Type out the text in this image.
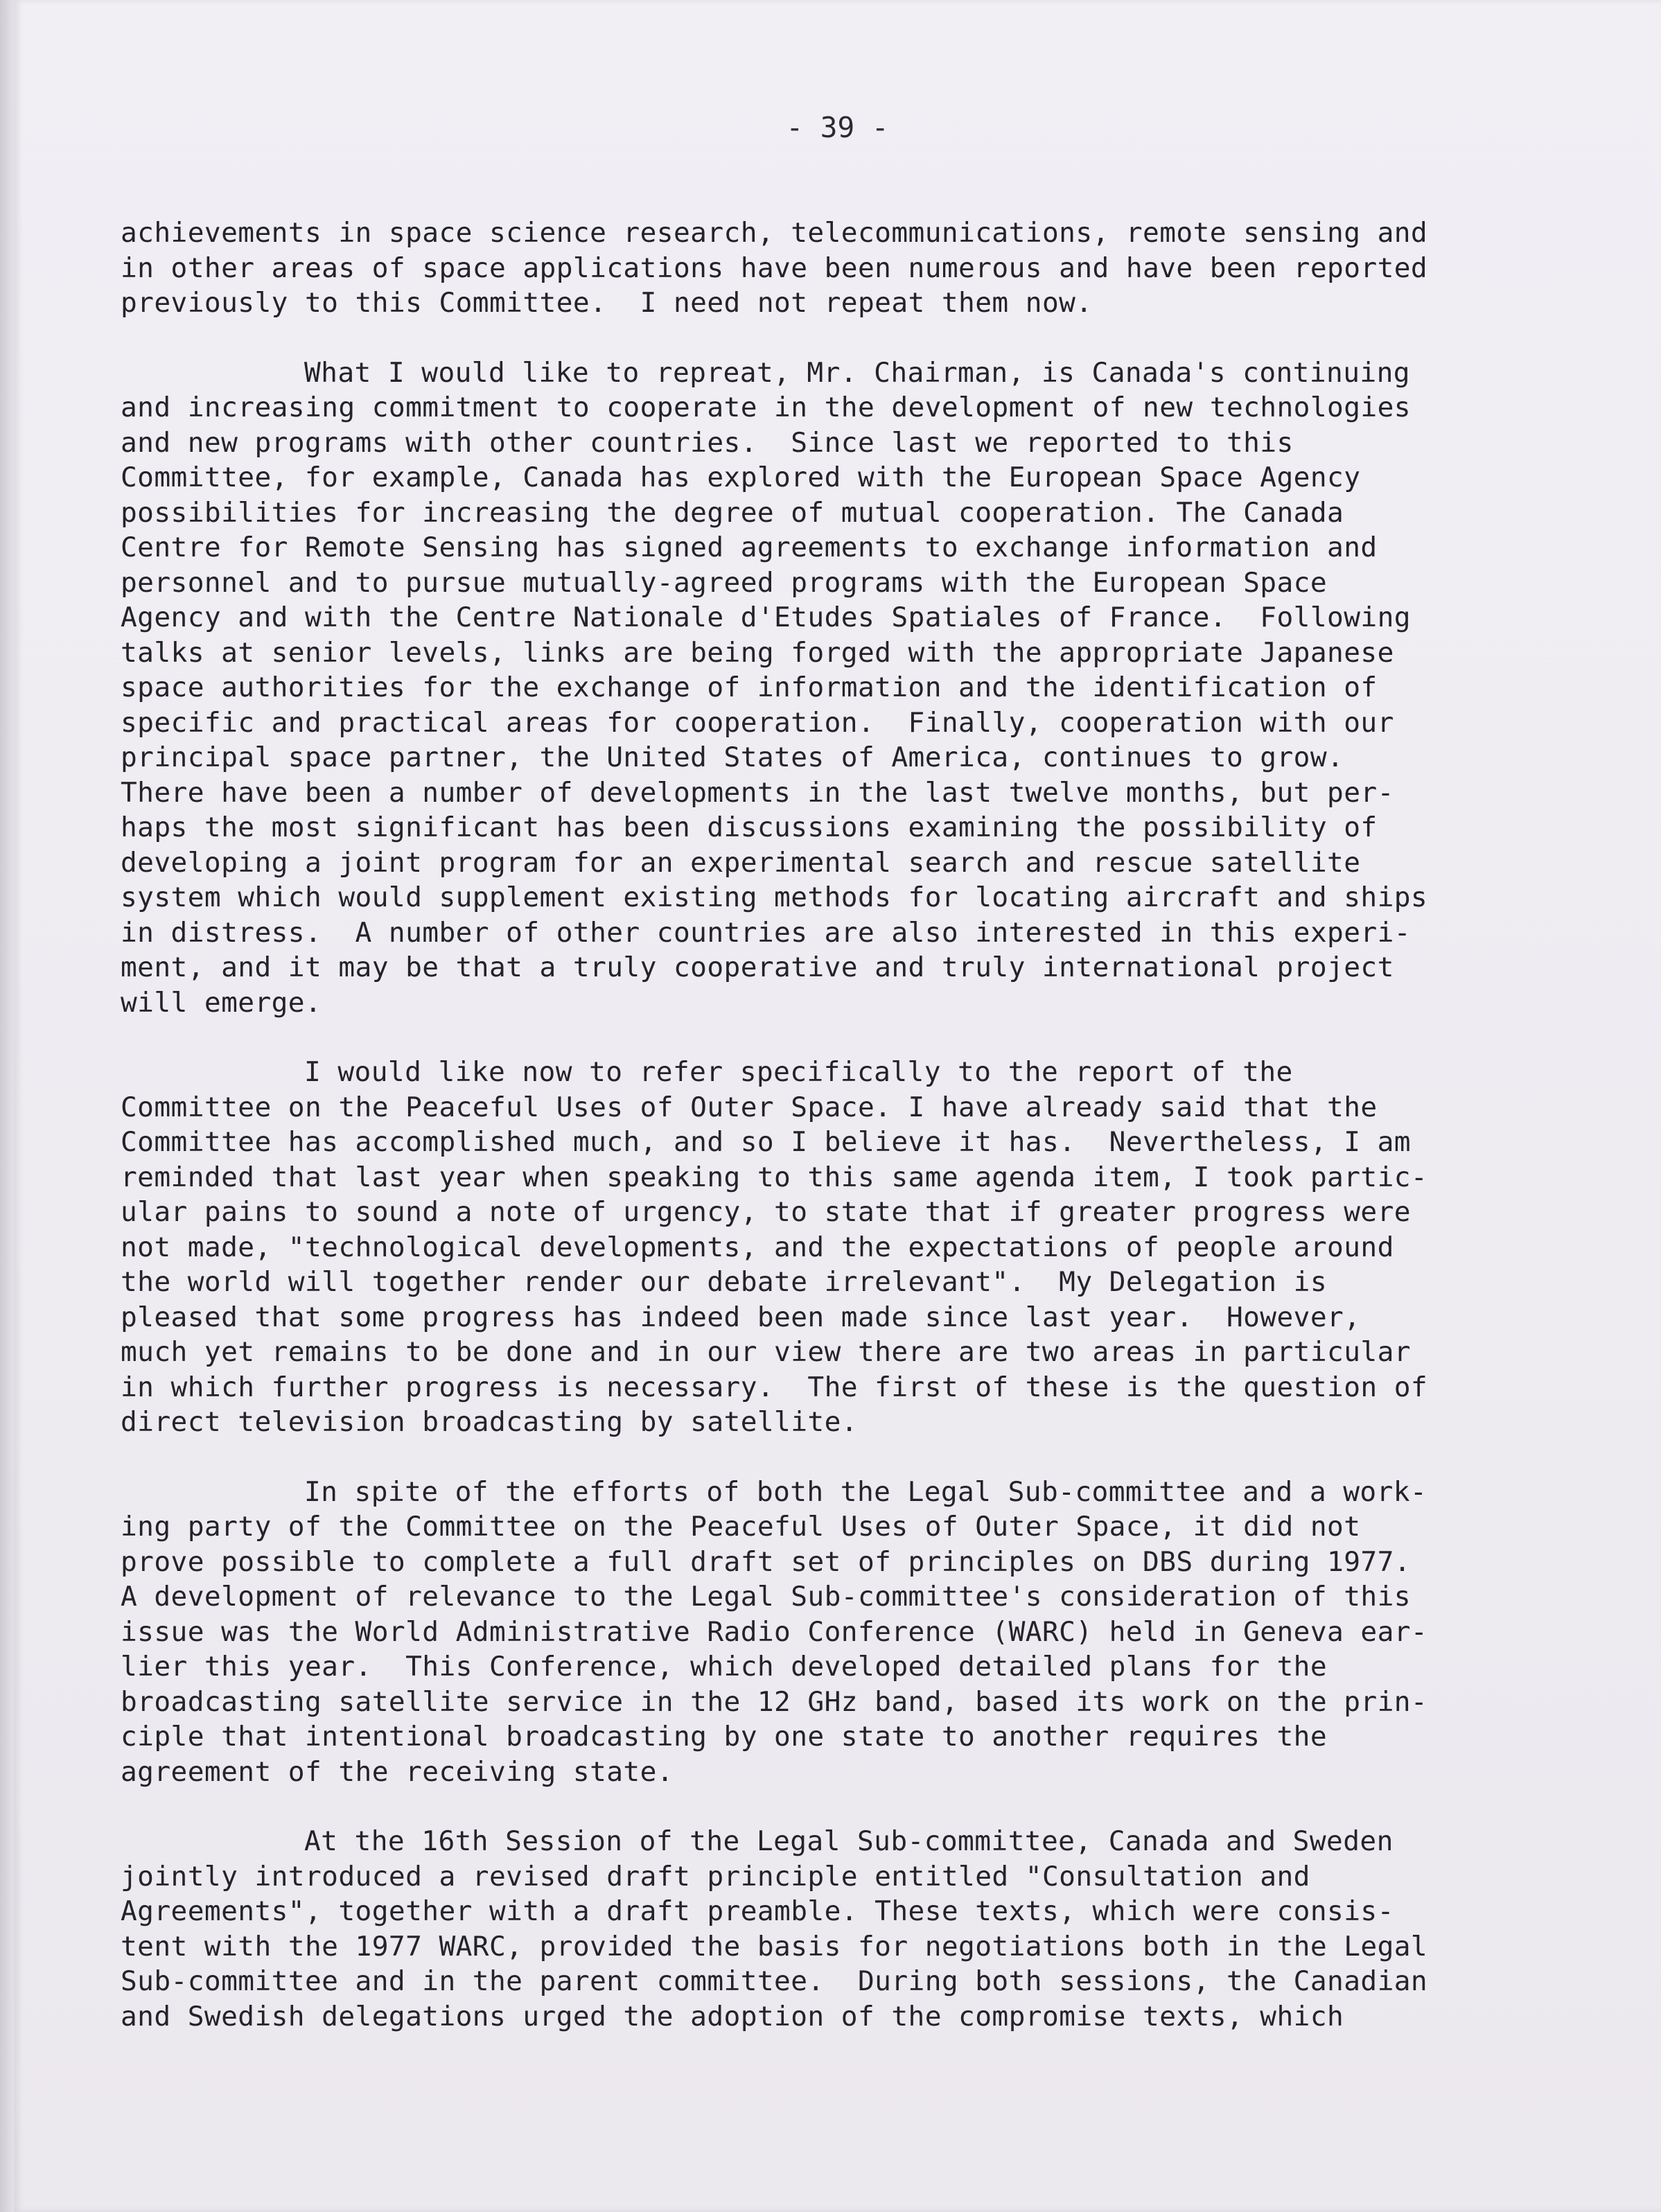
- 39 -
achievements in space science research, telecommunications, remote sensing and
in other areas of space applications have been numerous and have been reported
previously to this Committee.  I need not repeat them now.
What I would like to repreat, Mr. Chairman, is Canada's continuing
and increasing commitment to cooperate in the development of new technologies
and new programs with other countries.  Since last we reported to this
Committee, for example, Canada has explored with the European Space Agency
possibilities for increasing the degree of mutual cooperation. The Canada
Centre for Remote Sensing has signed agreements to exchange information and
personnel and to pursue mutually-agreed programs with the European Space
Agency and with the Centre Nationale d'Etudes Spatiales of France.  Following
talks at senior levels, links are being forged with the appropriate Japanese
space authorities for the exchange of information and the identification of
specific and practical areas for cooperation.  Finally, cooperation with our
principal space partner, the United States of America, continues to grow.
There have been a number of developments in the last twelve months, but per-
haps the most significant has been discussions examining the possibility of
developing a joint program for an experimental search and rescue satellite
system which would supplement existing methods for locating aircraft and ships
in distress.  A number of other countries are also interested in this experi-
ment, and it may be that a truly cooperative and truly international project
will emerge.
I would like now to refer specifically to the report of the
Committee on the Peaceful Uses of Outer Space. I have already said that the
Committee has accomplished much, and so I believe it has.  Nevertheless, I am
reminded that last year when speaking to this same agenda item, I took partic-
ular pains to sound a note of urgency, to state that if greater progress were
not made, "technological developments, and the expectations of people around
the world will together render our debate irrelevant".  My Delegation is
pleased that some progress has indeed been made since last year.  However,
much yet remains to be done and in our view there are two areas in particular
in which further progress is necessary.  The first of these is the question of
direct television broadcasting by satellite.
In spite of the efforts of both the Legal Sub-committee and a work-
ing party of the Committee on the Peaceful Uses of Outer Space, it did not
prove possible to complete a full draft set of principles on DBS during 1977.
A development of relevance to the Legal Sub-committee's consideration of this
issue was the World Administrative Radio Conference (WARC) held in Geneva ear-
lier this year.  This Conference, which developed detailed plans for the
broadcasting satellite service in the 12 GHz band, based its work on the prin-
ciple that intentional broadcasting by one state to another requires the
agreement of the receiving state.
At the 16th Session of the Legal Sub-committee, Canada and Sweden
jointly introduced a revised draft principle entitled "Consultation and
Agreements", together with a draft preamble. These texts, which were consis-
tent with the 1977 WARC, provided the basis for negotiations both in the Legal
Sub-committee and in the parent committee.  During both sessions, the Canadian
and Swedish delegations urged the adoption of the compromise texts, which
